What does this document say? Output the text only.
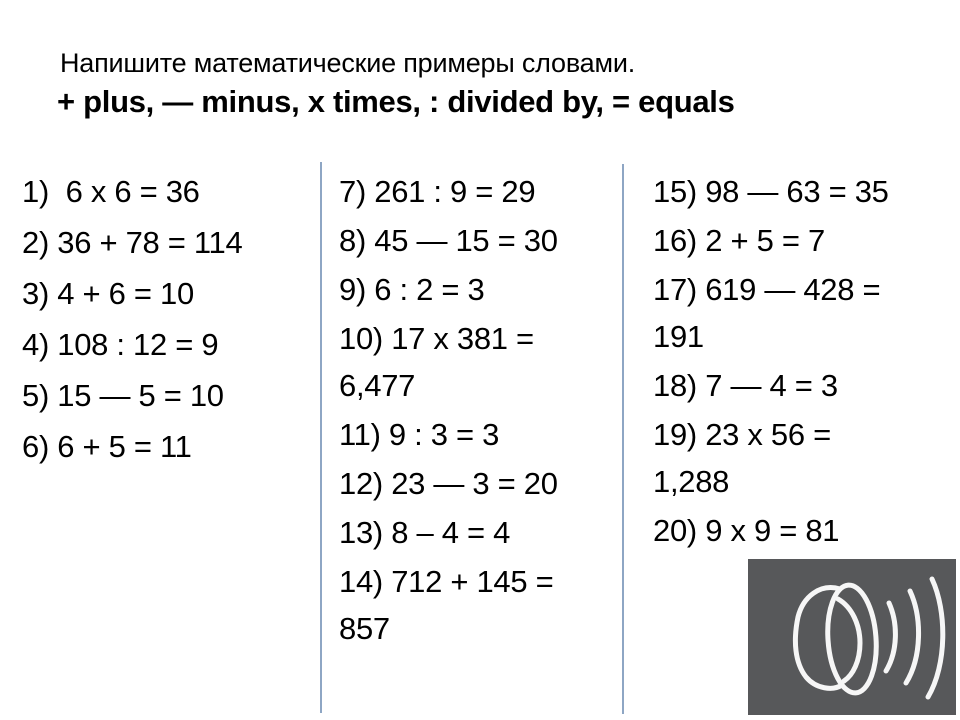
Напишите математические примеры словами.
+ plus, — minus, x times, : divided by, = equals
1)  6 x 6 = 36
2) 36 + 78 = 114
3) 4 + 6 = 10
4) 108 : 12 = 9
5) 15 — 5 = 10
6) 6 + 5 = 11
7) 261 : 9 = 29
8) 45 — 15 = 30
9) 6 : 2 = 3
10) 17 x 381 = 6,477
11) 9 : 3 = 3
12) 23 — 3 = 20
13) 8 – 4 = 4
14) 712 + 145 = 857
15) 98 — 63 = 35
16) 2 + 5 = 7
17) 619 — 428 = 191
18) 7 — 4 = 3
19) 23 x 56 = 1,288
20) 9 x 9 = 81
